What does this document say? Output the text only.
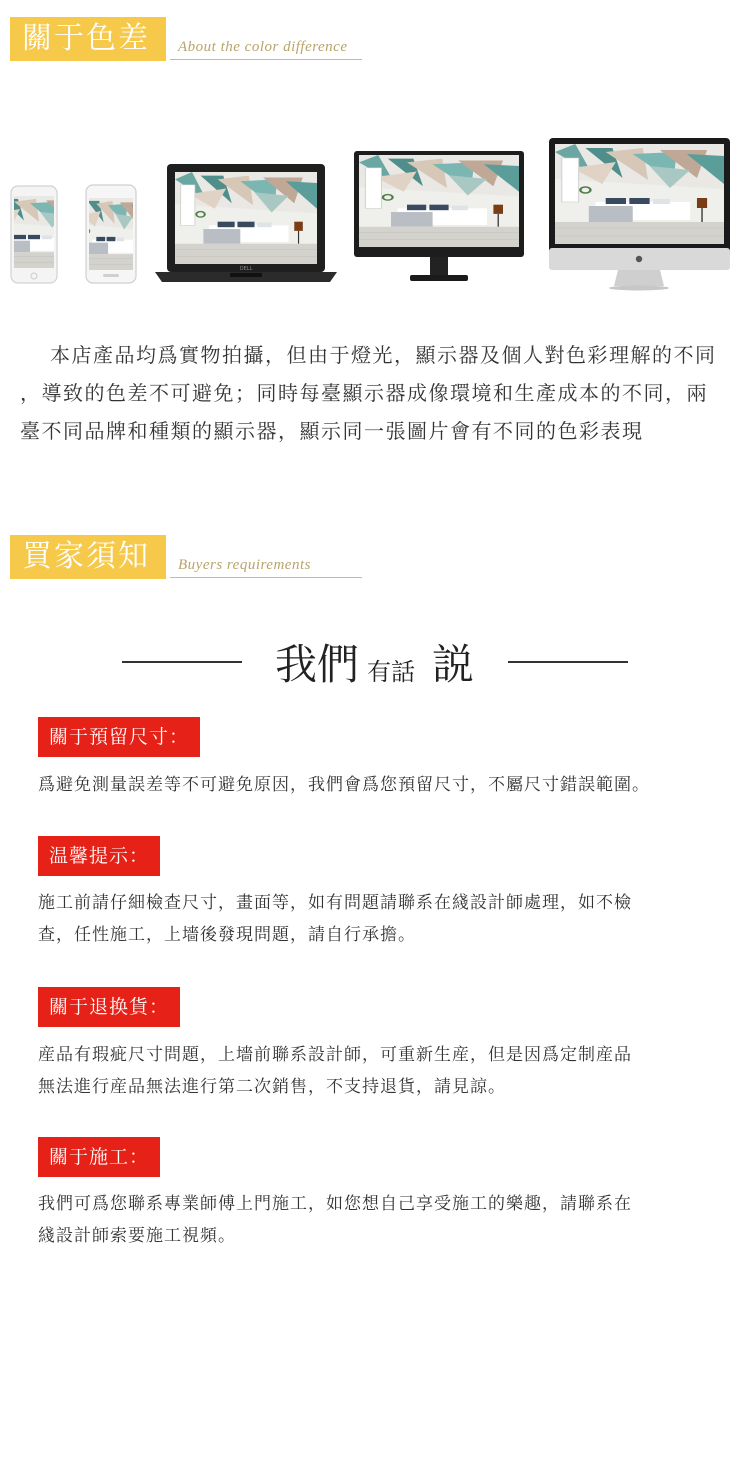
關于色差	About the color difference
DELL
本店產品均爲實物拍攝，但由于燈光，顯示器及個人對色彩理解的不同
，導致的色差不可避免；同時每臺顯示器成像環境和生產成本的不同，兩
臺不同品牌和種類的顯示器，顯示同一張圖片會有不同的色彩表現
買家須知	Buyers requirements
我們 有話 説
關于預留尺寸：
爲避免測量誤差等不可避免原因，我們會爲您預留尺寸，不屬尺寸錯誤範圍。
温馨提示：
施工前請仔細檢查尺寸，畫面等，如有問題請聯系在綫設計師處理，如不檢
查，任性施工，上墻後發現問題，請自行承擔。
關于退换貨：
産品有瑕疵尺寸問題，上墻前聯系設計師，可重新生産，但是因爲定制産品
無法進行産品無法進行第二次銷售，不支持退貨，請見諒。
關于施工：
我們可爲您聯系專業師傅上門施工，如您想自己享受施工的樂趣，請聯系在
綫設計師索要施工視頻。
